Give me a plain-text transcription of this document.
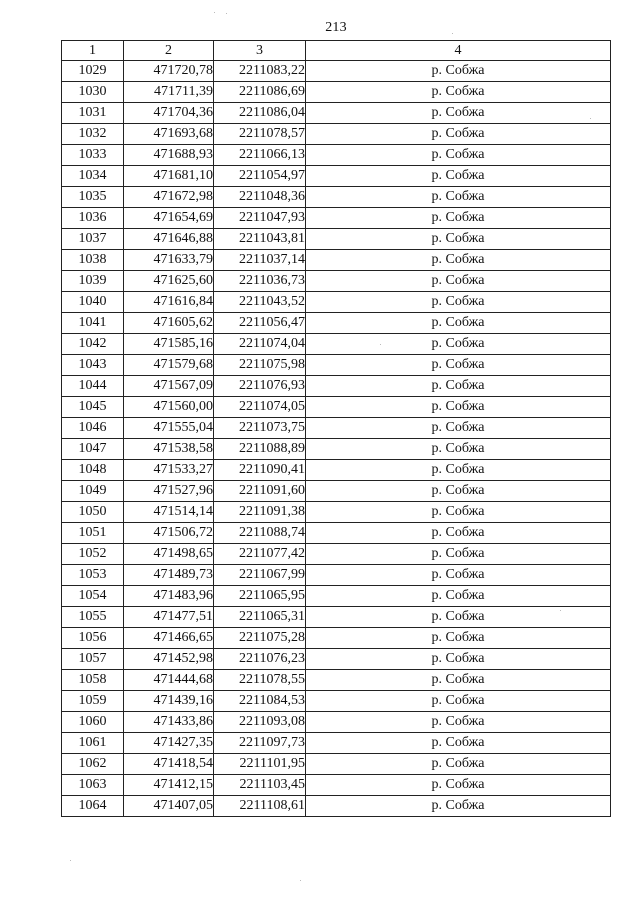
213
1	2	3	4
1029	471720,78	2211083,22	р. Собжа
1030	471711,39	2211086,69	р. Собжа
1031	471704,36	2211086,04	р. Собжа
1032	471693,68	2211078,57	р. Собжа
1033	471688,93	2211066,13	р. Собжа
1034	471681,10	2211054,97	р. Собжа
1035	471672,98	2211048,36	р. Собжа
1036	471654,69	2211047,93	р. Собжа
1037	471646,88	2211043,81	р. Собжа
1038	471633,79	2211037,14	р. Собжа
1039	471625,60	2211036,73	р. Собжа
1040	471616,84	2211043,52	р. Собжа
1041	471605,62	2211056,47	р. Собжа
1042	471585,16	2211074,04	р. Собжа
1043	471579,68	2211075,98	р. Собжа
1044	471567,09	2211076,93	р. Собжа
1045	471560,00	2211074,05	р. Собжа
1046	471555,04	2211073,75	р. Собжа
1047	471538,58	2211088,89	р. Собжа
1048	471533,27	2211090,41	р. Собжа
1049	471527,96	2211091,60	р. Собжа
1050	471514,14	2211091,38	р. Собжа
1051	471506,72	2211088,74	р. Собжа
1052	471498,65	2211077,42	р. Собжа
1053	471489,73	2211067,99	р. Собжа
1054	471483,96	2211065,95	р. Собжа
1055	471477,51	2211065,31	р. Собжа
1056	471466,65	2211075,28	р. Собжа
1057	471452,98	2211076,23	р. Собжа
1058	471444,68	2211078,55	р. Собжа
1059	471439,16	2211084,53	р. Собжа
1060	471433,86	2211093,08	р. Собжа
1061	471427,35	2211097,73	р. Собжа
1062	471418,54	2211101,95	р. Собжа
1063	471412,15	2211103,45	р. Собжа
1064	471407,05	2211108,61	р. Собжа
